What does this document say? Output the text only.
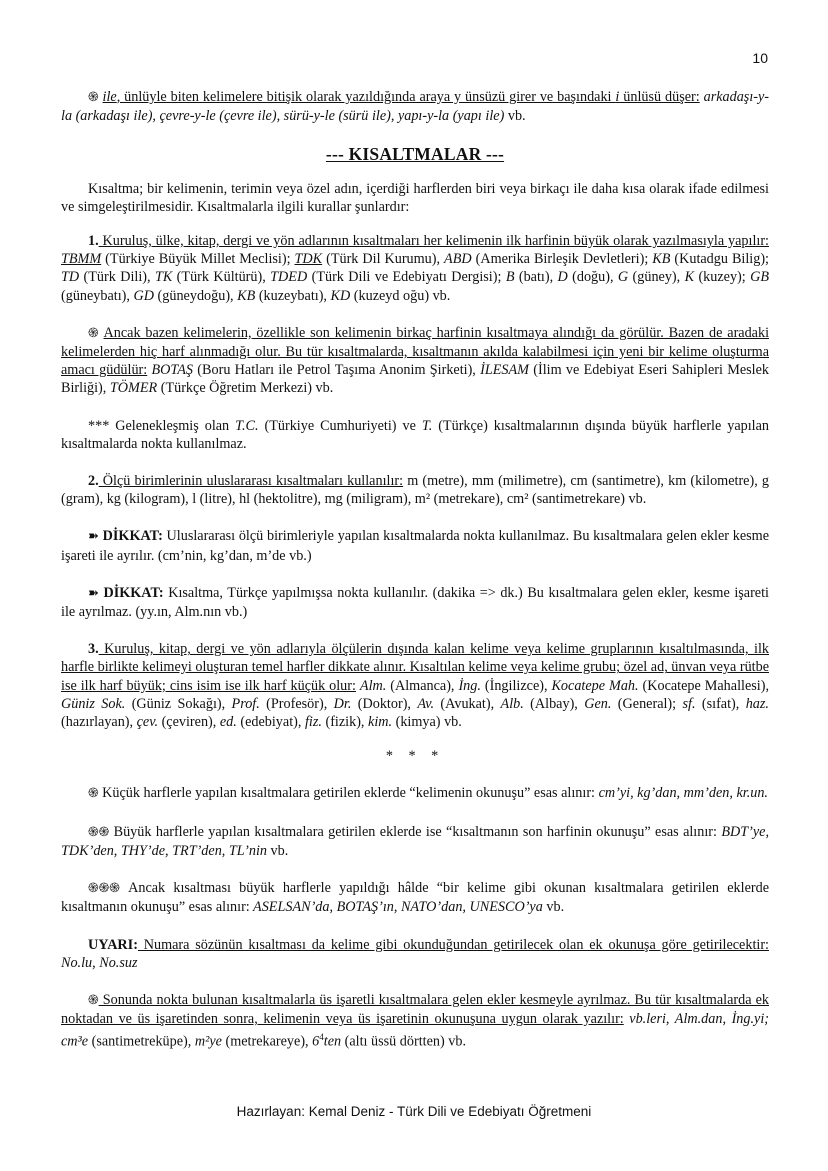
10

֍ ile, ünlüyle biten kelimelere bitişik olarak yazıldığında araya y ünsüzü girer ve başındaki i ünlüsü düşer: arkadaşı-y-la (arkadaşı ile), çevre-y-le (çevre ile), sürü-y-le (sürü ile), yapı-y-la (yapı ile) vb.

--- KISALTMALAR ---

Kısaltma; bir kelimenin, terimin veya özel adın, içerdiği harflerden biri veya birkaçı ile daha kısa olarak ifade edilmesi ve simgeleştirilmesidir. Kısaltmalarla ilgili kurallar şunlardır:

1. Kuruluş, ülke, kitap, dergi ve yön adlarının kısaltmaları her kelimenin ilk harfinin büyük olarak yazılmasıyla yapılır: TBMM (Türkiye Büyük Millet Meclisi); TDK (Türk Dil Kurumu), ABD (Amerika Birleşik Devletleri); KB (Kutadgu Bilig); TD (Türk Dili), TK (Türk Kültürü), TDED (Türk Dili ve Edebiyatı Dergisi); B (batı), D (doğu), G (güney), K (kuzey); GB (güneybatı), GD (güneydoğu), KB (kuzeybatı), KD (kuzeyd oğu) vb.

֍ Ancak bazen kelimelerin, özellikle son kelimenin birkaç harfinin kısaltmaya alındığı da görülür. Bazen de aradaki kelimelerden hiç harf alınmadığı olur. Bu tür kısaltmalarda, kısaltmanın akılda kalabilmesi için yeni bir kelime oluşturma amacı güdülür: BOTAŞ (Boru Hatları ile Petrol Taşıma Anonim Şirketi), İLESAM (İlim ve Edebiyat Eseri Sahipleri Meslek Birliği), TÖMER (Türkçe Öğretim Merkezi) vb.

*** Gelenekleşmiş olan T.C. (Türkiye Cumhuriyeti) ve T. (Türkçe) kısaltmalarının dışında büyük harflerle yapılan kısaltmalarda nokta kullanılmaz.

2. Ölçü birimlerinin uluslararası kısaltmaları kullanılır: m (metre), mm (milimetre), cm (santimetre), km (kilometre), g (gram), kg (kilogram), l (litre), hl (hektolitre), mg (miligram), m² (metrekare), cm² (santimetrekare) vb.

➽ DİKKAT: Uluslararası ölçü birimleriyle yapılan kısaltmalarda nokta kullanılmaz. Bu kısaltmalara gelen ekler kesme işareti ile ayrılır. (cm’nin, kg’dan, m’de vb.)

➽ DİKKAT: Kısaltma, Türkçe yapılmışsa nokta kullanılır. (dakika => dk.) Bu kısaltmalara gelen ekler, kesme işareti ile ayrılmaz. (yy.ın, Alm.nın vb.)

3. Kuruluş, kitap, dergi ve yön adlarıyla ölçülerin dışında kalan kelime veya kelime gruplarının kısaltılmasında, ilk harfle birlikte kelimeyi oluşturan temel harfler dikkate alınır. Kısaltılan kelime veya kelime grubu; özel ad, ünvan veya rütbe ise ilk harf büyük; cins isim ise ilk harf küçük olur: Alm. (Almanca), İng. (İngilizce), Kocatepe Mah. (Kocatepe Mahallesi), Güniz Sok. (Güniz Sokağı), Prof. (Profesör), Dr. (Doktor), Av. (Avukat), Alb. (Albay), Gen. (General); sf. (sıfat), haz. (hazırlayan), çev. (çeviren), ed. (edebiyat), fiz. (fizik), kim. (kimya) vb.

* * *

֍ Küçük harflerle yapılan kısaltmalara getirilen eklerde “kelimenin okunuşu” esas alınır: cm’yi, kg’dan, mm’den, kr.un.

֍֍ Büyük harflerle yapılan kısaltmalara getirilen eklerde ise “kısaltmanın son harfinin okunuşu” esas alınır: BDT’ye, TDK’den, THY’de, TRT’den, TL’nin vb.

֍֍֍ Ancak kısaltması büyük harflerle yapıldığı hâlde “bir kelime gibi okunan kısaltmalara getirilen eklerde kısaltmanın okunuşu” esas alınır: ASELSAN’da, BOTAŞ’ın, NATO’dan, UNESCO’ya vb.

UYARI: Numara sözünün kısaltması da kelime gibi okunduğundan getirilecek olan ek okunuşa göre getirilecektir: No.lu, No.suz

֍ Sonunda nokta bulunan kısaltmalarla üs işaretli kısaltmalara gelen ekler kesmeyle ayrılmaz. Bu tür kısaltmalarda ek noktadan ve üs işaretinden sonra, kelimenin veya üs işaretinin okunuşuna uygun olarak yazılır: vb.leri, Alm.dan, İng.yi; cm³e (santimetreküpe), m²ye (metrekareye), $6^4ten$ (altı üssü dörtten) vb.

Hazırlayan: Kemal Deniz - Türk Dili ve Edebiyatı Öğretmeni
